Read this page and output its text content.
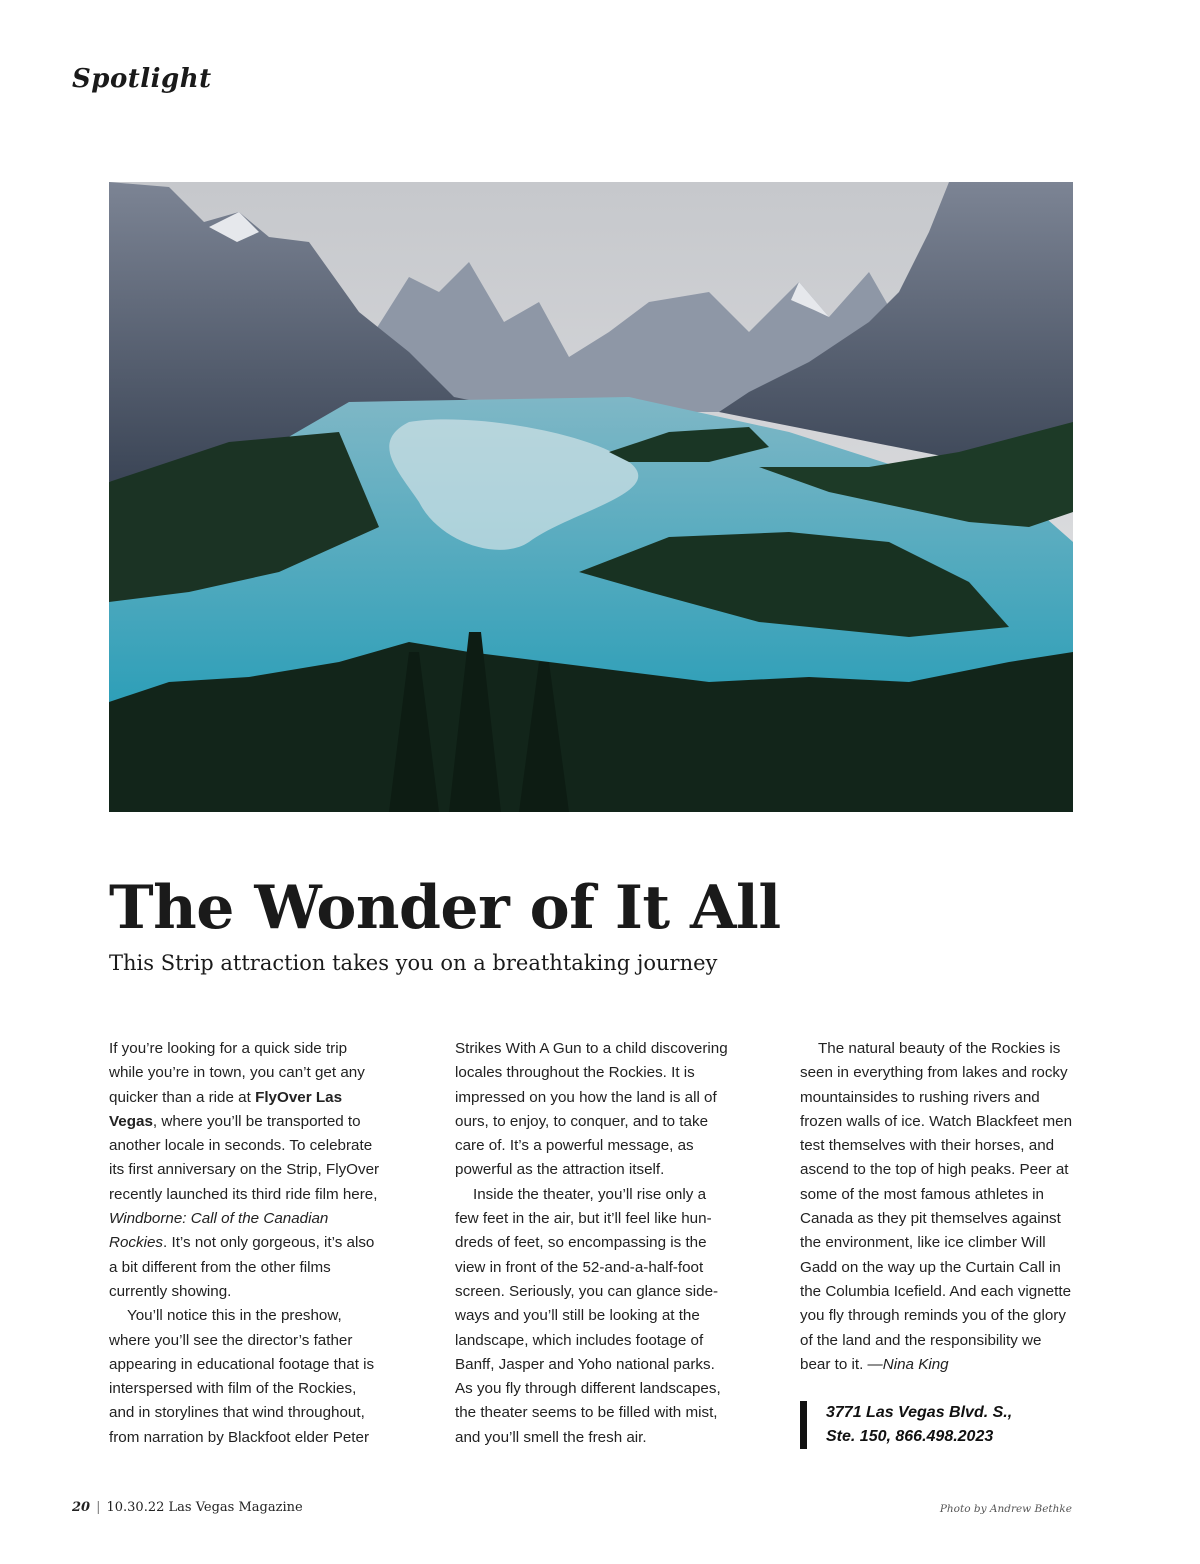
Spotlight
The Wonder of It All

This Strip attraction takes you on a breathtaking journey

If you’re looking for a quick side trip while you’re in town, you can’t get any quicker than a ride at FlyOver Las Vegas, where you’ll be transported to another locale in seconds. To celebrate its first anniversary on the Strip, FlyOver recently launched its third ride film here, Windborne: Call of the Canadian Rockies. It’s not only gorgeous, it’s also a bit different from the other films currently showing.

You’ll notice this in the preshow, where you’ll see the director’s father appearing in educational footage that is interspersed with film of the Rockies, and in storylines that wind throughout, from narration by Blackfoot elder Peter

Strikes With A Gun to a child discovering locales throughout the Rockies. It is impressed on you how the land is all of ours, to enjoy, to conquer, and to take care of. It’s a powerful message, as powerful as the attraction itself.

Inside the theater, you’ll rise only a few feet in the air, but it’ll feel like hundreds of feet, so encompassing is the view in front of the 52-and-a-half-foot screen. Seriously, you can glance sideways and you’ll still be looking at the landscape, which includes footage of Banff, Jasper and Yoho national parks. As you fly through different landscapes, the theater seems to be filled with mist, and you’ll smell the fresh air.

The natural beauty of the Rockies is seen in everything from lakes and rocky mountainsides to rushing rivers and frozen walls of ice. Watch Blackfeet men test themselves with their horses, and ascend to the top of high peaks. Peer at some of the most famous athletes in Canada as they pit themselves against the environment, like ice climber Will Gadd on the way up the Curtain Call in the Columbia Icefield. And each vignette you fly through reminds you of the glory of the land and the responsibility we bear to it. —Nina King

3771 Las Vegas Blvd. S.,
Ste. 150, 866.498.2023
20 | 10.30.22 Las Vegas Magazine	Photo by Andrew Bethke
